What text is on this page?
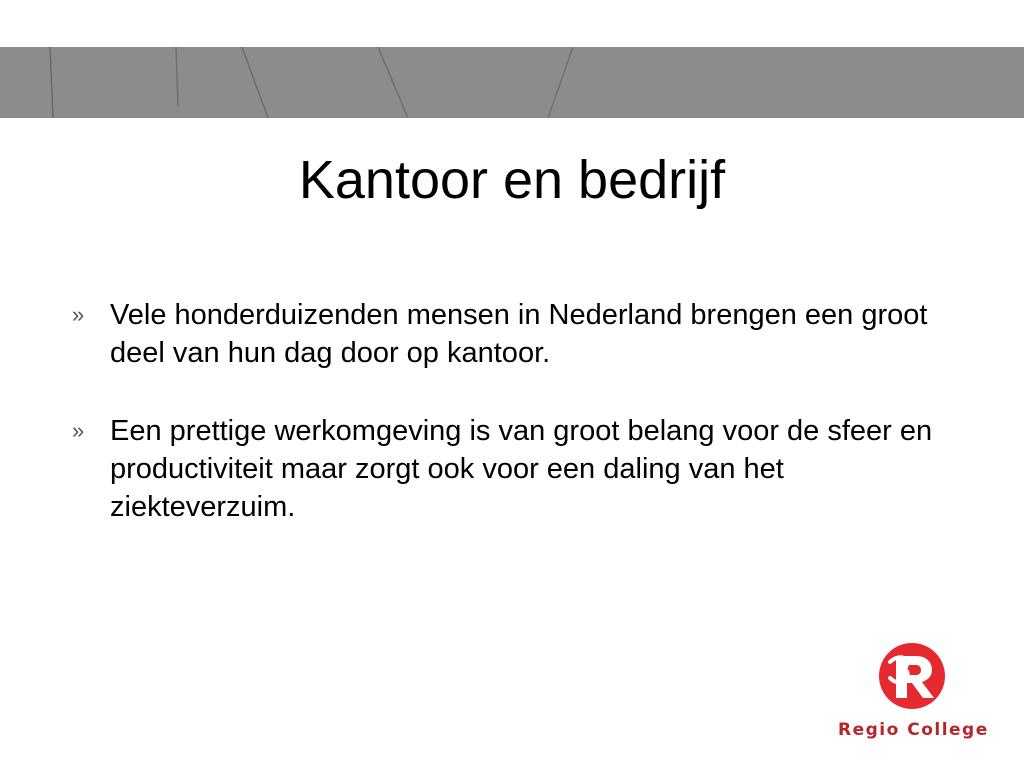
Kantoor en bedrijf
» Vele honderduizenden mensen in Nederland brengen een groot deel van hun dag door op kantoor.
» Een prettige werkomgeving is van groot belang voor de sfeer en productiviteit maar zorgt ook voor een daling van het ziekteverzuim.
Regio College
